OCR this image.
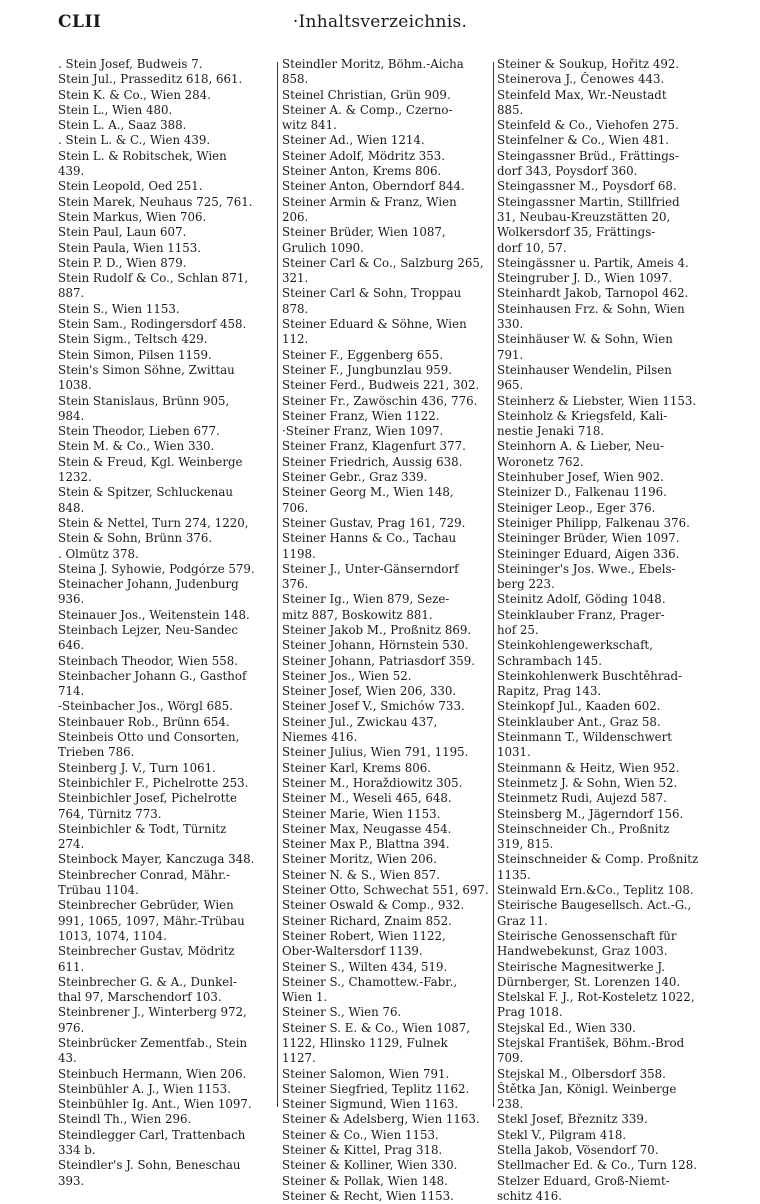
CLII	·Inhaltsverzeichnis.

. Stein Josef, Budweis 7.

Stein Jul., Prasseditz 618, 661.

Stein K. & Co., Wien 284.

Stein L., Wien 480.

Stein L. A., Saaz 388.

. Stein L. & C., Wien 439.

Stein L. & Robitschek, Wien

439.

Stein Leopold, Oed 251.

Stein Marek, Neuhaus 725, 761.

Stein Markus, Wien 706.

Stein Paul, Laun 607.

Stein Paula, Wien 1153.

Stein P. D., Wien 879.

Stein Rudolf & Co., Schlan 871,

887.

Stein S., Wien 1153.

Stein Sam., Rodingersdorf 458.

Stein Sigm., Teltsch 429.

Stein Simon, Pilsen 1159.

Stein's Simon Söhne, Zwittau

1038.

Stein Stanislaus, Brünn 905,

984.

Stein Theodor, Lieben 677.

Stein M. & Co., Wien 330.

Stein & Freud, Kgl. Weinberge

1232.

Stein & Spitzer, Schluckenau

848.

Stein & Nettel, Turn 274, 1220,

Stein & Sohn, Brünn 376.

. Olmütz 378.

Steina J. Syhowie, Podgórze 579.

Steinacher Johann, Judenburg

936.

Steinauer Jos., Weitenstein 148.

Steinbach Lejzer, Neu-Sandec

646.

Steinbach Theodor, Wien 558.

Steinbacher Johann G., Gasthof

714.

-Steinbacher Jos., Wörgl 685.

Steinbauer Rob., Brünn 654.

Steinbeis Otto und Consorten,

Trieben 786.

Steinberg J. V., Turn 1061.

Steinbichler F., Pichelrotte 253.

Steinbichler Josef, Pichelrotte

764, Türnitz 773.

Steinbichler & Todt, Türnitz

274.

Steinbock Mayer, Kanczuga 348.

Steinbrecher Conrad, Mähr.-

Trübau 1104.

Steinbrecher Gebrüder, Wien

991, 1065, 1097, Mähr.-Trübau

1013, 1074, 1104.

Steinbrecher Gustav, Mödritz

611.

Steinbrecher G. & A., Dunkel-

thal 97, Marschendorf 103.

Steinbrener J., Winterberg 972,

976.

Steinbrücker Zementfab., Stein

43.

Steinbuch Hermann, Wien 206.

Steinbühler A. J., Wien 1153.

Steinbühler Ig. Ant., Wien 1097.

Steindl Th., Wien 296.

Steindlegger Carl, Trattenbach

334 b.

Steindler's J. Sohn, Beneschau

393.

Steindler Moritz, Böhm.-Aicha

858.

Steinel Christian, Grün 909.

Steiner A. & Comp., Czerno-

witz 841.

Steiner Ad., Wien 1214.

Steiner Adolf, Mödritz 353.

Steiner Anton, Krems 806.

Steiner Anton, Oberndorf 844.

Steiner Armin & Franz, Wien

206.

Steiner Brüder, Wien 1087,

Grulich 1090.

Steiner Carl & Co., Salzburg 265,

321.

Steiner Carl & Sohn, Troppau

878.

Steiner Eduard & Söhne, Wien

112.

Steiner F., Eggenberg 655.

Steiner F., Jungbunzlau 959.

Steiner Ferd., Budweis 221, 302.

Steiner Fr., Zawöschin 436, 776.

Steiner Franz, Wien 1122.

·Steiner Franz, Wien 1097.

Steiner Franz, Klagenfurt 377.

Steiner Friedrich, Aussig 638.

Steiner Gebr., Graz 339.

Steiner Georg M., Wien 148,

706.

Steiner Gustav, Prag 161, 729.

Steiner Hanns & Co., Tachau

1198.

Steiner J., Unter-Gänserndorf

376.

Steiner Ig., Wien 879, Seze-

mitz 887, Boskowitz 881.

Steiner Jakob M., Proßnitz 869.

Steiner Johann, Hörnstein 530.

Steiner Johann, Patriasdorf 359.

Steiner Jos., Wien 52.

Steiner Josef, Wien 206, 330.

Steiner Josef V., Smichów 733.

Steiner Jul., Zwickau 437,

Niemes 416.

Steiner Julius, Wien 791, 1195.

Steiner Karl, Krems 806.

Steiner M., Horaždiowitz 305.

Steiner M., Weseli 465, 648.

Steiner Marie, Wien 1153.

Steiner Max, Neugasse 454.

Steiner Max P., Blattna 394.

Steiner Moritz, Wien 206.

Steiner N. & S., Wien 857.

Steiner Otto, Schwechat 551, 697.

Steiner Oswald & Comp., 932.

Steiner Richard, Znaim 852.

Steiner Robert, Wien 1122,

Ober-Waltersdorf 1139.

Steiner S., Wilten 434, 519.

Steiner S., Chamottew.-Fabr.,

Wien 1.

Steiner S., Wien 76.

Steiner S. E. & Co., Wien 1087,

1122, Hlinsko 1129, Fulnek

1127.

Steiner Salomon, Wien 791.

Steiner Siegfried, Teplitz 1162.

Steiner Sigmund, Wien 1163.

Steiner & Adelsberg, Wien 1163.

Steiner & Co., Wien 1153.

Steiner & Kittel, Prag 318.

Steiner & Kolliner, Wien 330.

Steiner & Pollak, Wien 148.

Steiner & Recht, Wien 1153.

Steiner & Soukup, Hořitz 492.

Steinerova J., Čenowes 443.

Steinfeld Max, Wr.-Neustadt

885.

Steinfeld & Co., Viehofen 275.

Steinfelner & Co., Wien 481.

Steingassner Brüd., Frättings-

dorf 343, Poysdorf 360.

Steingassner M., Poysdorf 68.

Steingassner Martin, Stillfried

31, Neubau-Kreuzstätten 20,

Wolkersdorf 35, Frättings-

dorf 10, 57.

Steingässner u. Partik, Ameis 4.

Steingruber J. D., Wien 1097.

Steinhardt Jakob, Tarnopol 462.

Steinhausen Frz. & Sohn, Wien

330.

Steinhäuser W. & Sohn, Wien

791.

Steinhauser Wendelin, Pilsen

965.

Steinherz & Liebster, Wien 1153.

Steinholz & Kriegsfeld, Kali-

nestie Jenaki 718.

Steinhorn A. & Lieber, Neu-

Woronetz 762.

Steinhuber Josef, Wien 902.

Steinizer D., Falkenau 1196.

Steiniger Leop., Eger 376.

Steiniger Philipp, Falkenau 376.

Steininger Brüder, Wien 1097.

Steininger Eduard, Aigen 336.

Steininger's Jos. Wwe., Ebels-

berg 223.

Steinitz Adolf, Göding 1048.

Steinklauber Franz, Prager-

hof 25.

Steinkohlengewerkschaft,

Schrambach 145.

Steinkohlenwerk Buschtěhrad-

Rapitz, Prag 143.

Steinkopf Jul., Kaaden 602.

Steinklauber Ant., Graz 58.

Steinmann T., Wildenschwert

1031.

Steinmann & Heitz, Wien 952.

Steinmetz J. & Sohn, Wien 52.

Steinmetz Rudi, Aujezd 587.

Steinsberg M., Jägerndorf 156.

Steinschneider Ch., Proßnitz

319, 815.

Steinschneider & Comp. Proßnitz

1135.

Steinwald Ern.&Co., Teplitz 108.

Steirische Baugesellsch. Act.-G.,

Graz 11.

Steirische Genossenschaft für

Handwebekunst, Graz 1003.

Steirische Magnesitwerke J.

Dürnberger, St. Lorenzen 140.

Stelskal F. J., Rot-Kosteletz 1022,

Prag 1018.

Stejskal Ed., Wien 330.

Stejskal František, Böhm.-Brod

709.

Stejskal M., Olbersdorf 358.

Štětka Jan, Königl. Weinberge

238.

Stekl Josef, Březnitz 339.

Stekl V., Pilgram 418.

Stella Jakob, Vösendorf 70.

Stellmacher Ed. & Co., Turn 128.

Stelzer Eduard, Groß-Niemt-

schitz 416.
